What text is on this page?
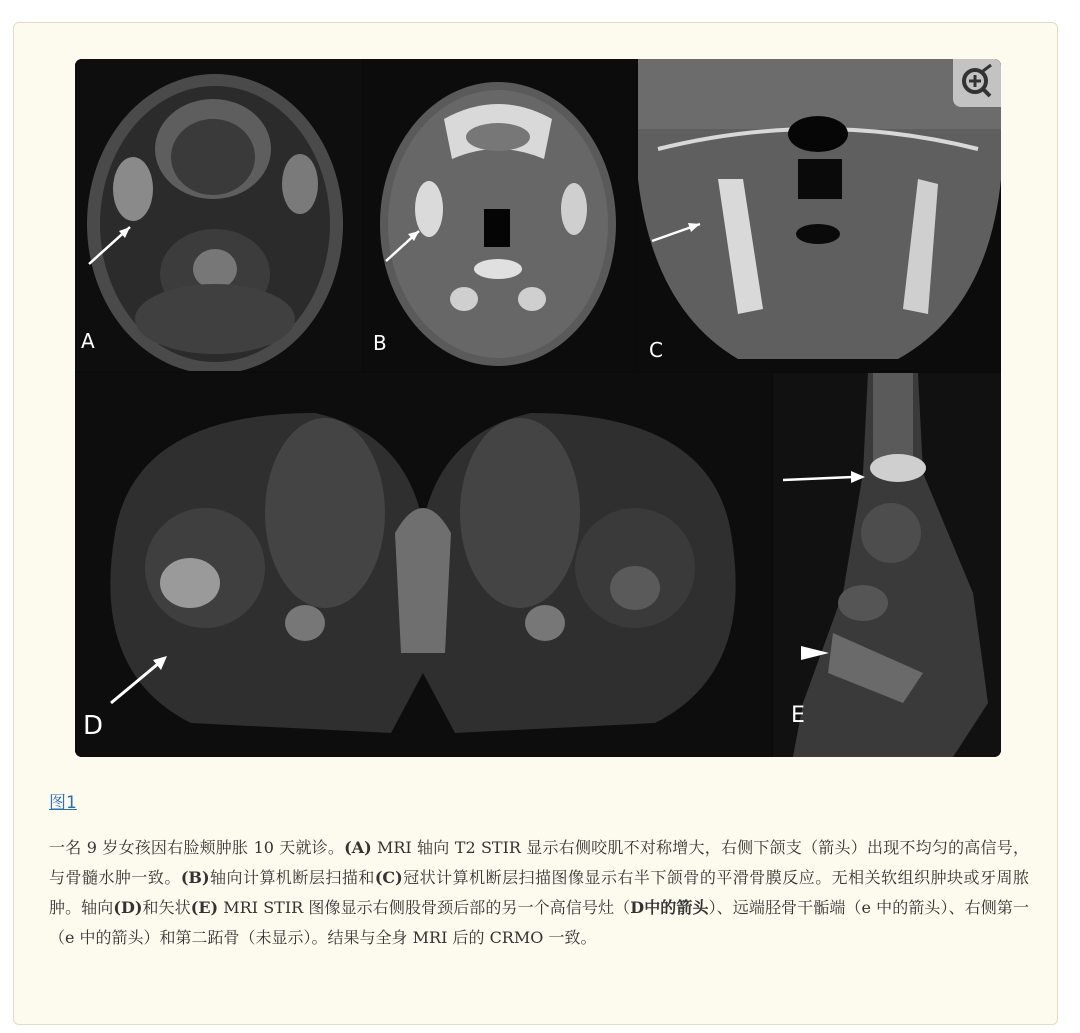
A	B	C
D	E
图1
一名 9 岁女孩因右脸颊肿胀 10 天就诊。(A) MRI 轴向 T2 STIR 显示右侧咬肌不对称增大，右侧下颌支（箭头）出现不均匀的高信号，与骨髓水肿一致。(B)轴向计算机断层扫描和(C)冠状计算机断层扫描图像显示右半下颌骨的平滑骨膜反应。无相关软组织肿块或牙周脓肿。轴向(D)和矢状(E) MRI STIR 图像显示右侧股骨颈后部的另一个高信号灶（D中的箭头）、远端胫骨干骺端（e 中的箭头）、右侧第一（e 中的箭头）和第二跖骨（未显示）。结果与全身 MRI 后的 CRMO 一致。
